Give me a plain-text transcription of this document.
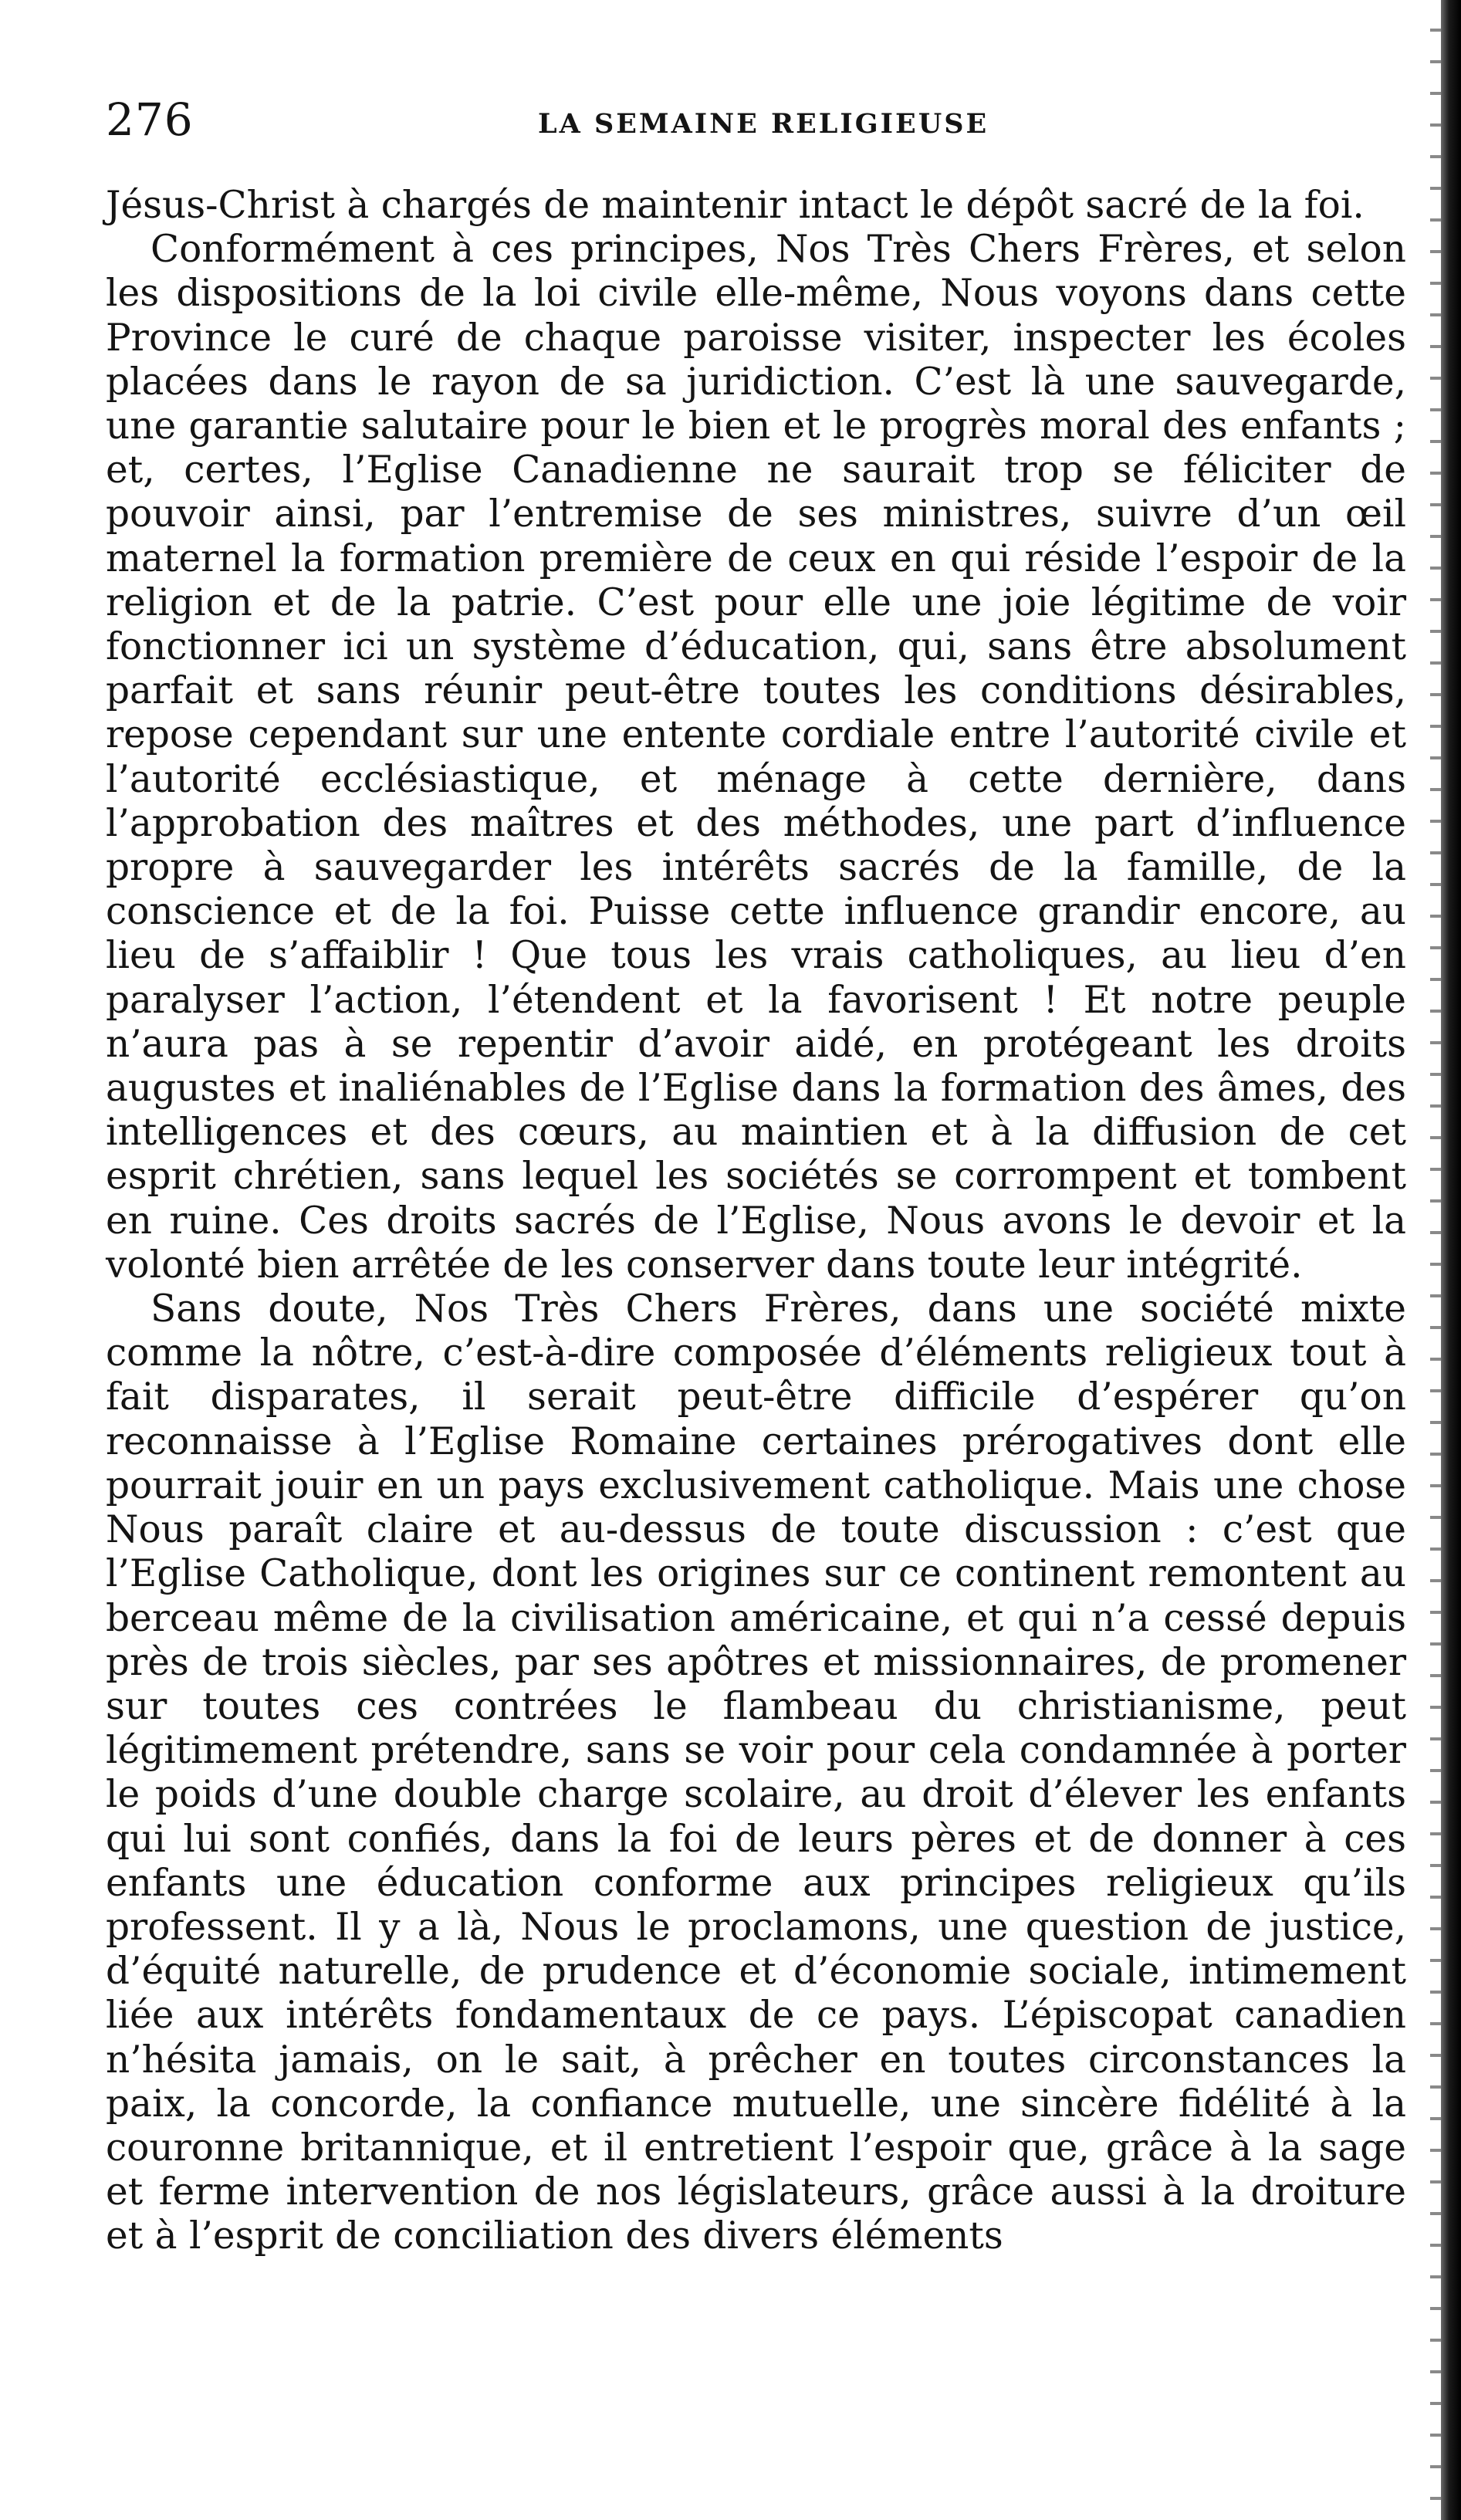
276	LA SEMAINE RELIGIEUSE

Jésus-Christ à chargés de maintenir intact le dépôt sacré de la foi.

Conformément à ces principes, Nos Très Chers Frères, et selon les dispositions de la loi civile elle-même, Nous voyons dans cette Province le curé de chaque paroisse visiter, inspecter les écoles placées dans le rayon de sa juridiction. C’est là une sauvegarde, une garantie salutaire pour le bien et le progrès moral des enfants ; et, certes, l’Eglise Canadienne ne saurait trop se féliciter de pouvoir ainsi, par l’entremise de ses ministres, suivre d’un œil maternel la formation première de ceux en qui réside l’espoir de la religion et de la patrie. C’est pour elle une joie légitime de voir fonctionner ici un système d’éducation, qui, sans être absolument parfait et sans réunir peut-être toutes les conditions désirables, repose cependant sur une entente cordiale entre l’autorité civile et l’autorité ecclésiastique, et ménage à cette dernière, dans l’approbation des maîtres et des méthodes, une part d’influence propre à sauvegarder les intérêts sacrés de la famille, de la conscience et de la foi. Puisse cette influence grandir encore, au lieu de s’affaiblir ! Que tous les vrais catholiques, au lieu d’en paralyser l’action, l’étendent et la favorisent ! Et notre peuple n’aura pas à se repentir d’avoir aidé, en protégeant les droits augustes et inaliénables de l’Eglise dans la formation des âmes, des intelligences et des cœurs, au maintien et à la diffusion de cet esprit chrétien, sans lequel les sociétés se corrompent et tombent en ruine. Ces droits sacrés de l’Eglise, Nous avons le devoir et la volonté bien arrêtée de les conserver dans toute leur intégrité.

Sans doute, Nos Très Chers Frères, dans une société mixte comme la nôtre, c’est-à-dire composée d’éléments religieux tout à fait disparates, il serait peut-être difficile d’espérer qu’on reconnaisse à l’Eglise Romaine certaines prérogatives dont elle pourrait jouir en un pays exclusivement catholique. Mais une chose Nous paraît claire et au-dessus de toute discussion : c’est que l’Eglise Catholique, dont les origines sur ce continent remontent au berceau même de la civilisation américaine, et qui n’a cessé depuis près de trois siècles, par ses apôtres et missionnaires, de promener sur toutes ces contrées le flambeau du christianisme, peut légitimement prétendre, sans se voir pour cela condamnée à porter le poids d’une double charge scolaire, au droit d’élever les enfants qui lui sont confiés, dans la foi de leurs pères et de donner à ces enfants une éducation conforme aux principes religieux qu’ils professent. Il y a là, Nous le proclamons, une question de justice, d’équité naturelle, de prudence et d’économie sociale, intimement liée aux intérêts fondamentaux de ce pays. L’épiscopat canadien n’hésita jamais, on le sait, à prêcher en toutes circonstances la paix, la concorde, la confiance mutuelle, une sincère fidélité à la couronne britannique, et il entretient l’espoir que, grâce à la sage et ferme intervention de nos législateurs, grâce aussi à la droiture et à l’esprit de conciliation des divers éléments
